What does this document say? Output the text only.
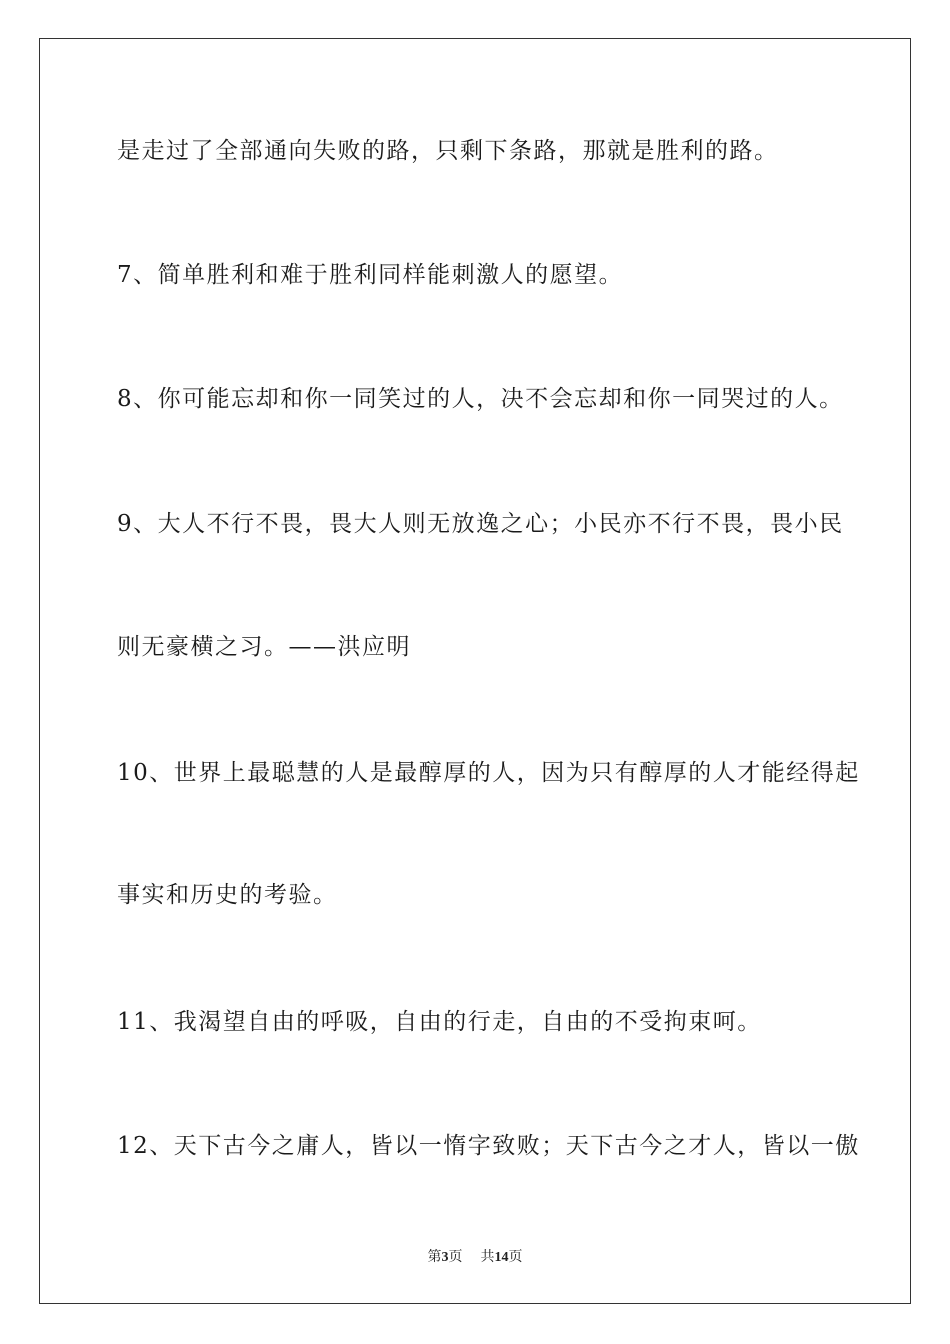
是走过了全部通向失败的路，只剩下条路，那就是胜利的路。
7、简单胜利和难于胜利同样能刺激人的愿望。
8、你可能忘却和你一同笑过的人，决不会忘却和你一同哭过的人。
9、大人不行不畏，畏大人则无放逸之心；小民亦不行不畏，畏小民
则无豪横之习。——洪应明
10、世界上最聪慧的人是最醇厚的人，因为只有醇厚的人才能经得起
事实和历史的考验。
11、我渴望自由的呼吸，自由的行走，自由的不受拘束呵。
12、天下古今之庸人，皆以一惰字致败；天下古今之才人，皆以一傲
第3页 共14页
